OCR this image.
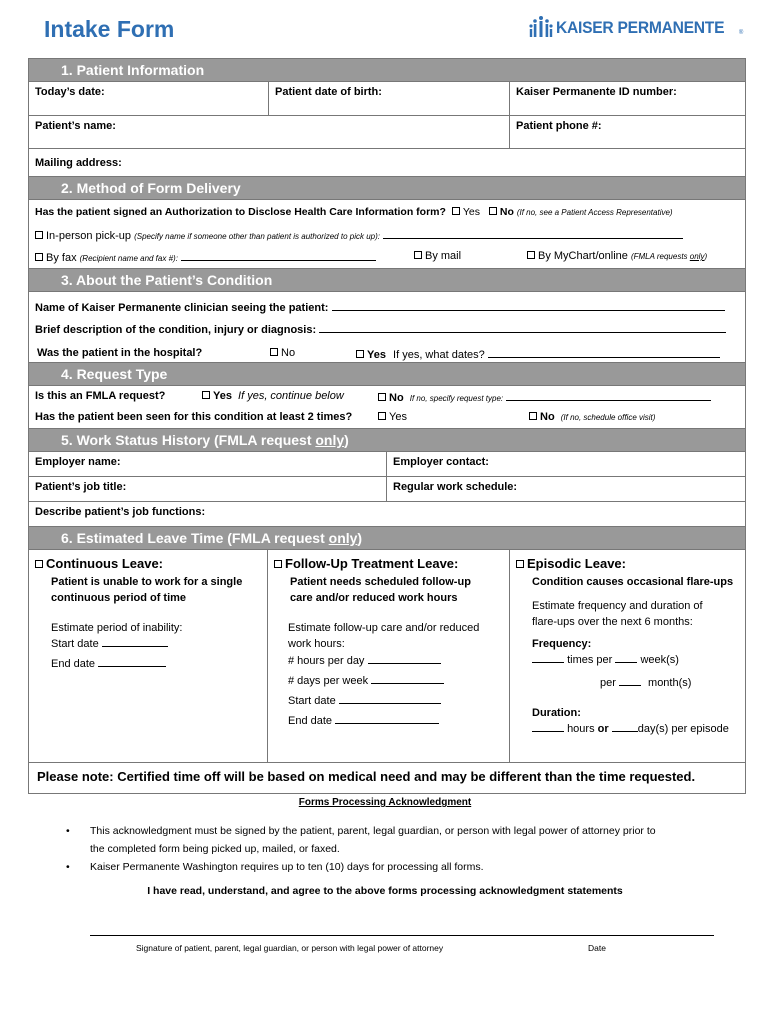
Intake Form	KAISER PERMANENTE ®
1. Patient Information
Today’s date:	Patient date of birth:	Kaiser Permanente ID number:
Patient’s name:	Patient phone #:
Mailing address:
2. Method of Form Delivery
Has the patient signed an Authorization to Disclose Health Care Information form? Yes No (If no, see a Patient Access Representative)
In-person pick-up (Specify name if someone other than patient is authorized to pick up):
By fax (Recipient name and fax #):	By mail	By MyChart/online (FMLA requests only)
3. About the Patient’s Condition
Name of Kaiser Permanente clinician seeing the patient:
Brief description of the condition, injury or diagnosis:
Was the patient in the hospital?	No	Yes If yes, what dates?
4. Request Type
Is this an FMLA request?	Yes If yes, continue below	No If no, specify request type:
Has the patient been seen for this condition at least 2 times?	Yes	No (If no, schedule office visit)
5. Work Status History (FMLA request only)
Employer name:	Employer contact:
Patient’s job title:	Regular work schedule:
Describe patient’s job functions:
6. Estimated Leave Time (FMLA request only)
Continuous Leave:
Patient is unable to work for a single
continuous period of time
Estimate period of inability:
Start date
End date
Follow-Up Treatment Leave:
Patient needs scheduled follow-up
care and/or reduced work hours
Estimate follow-up care and/or reduced
work hours:
# hours per day
# days per week
Start date
End date
Episodic Leave:
Condition causes occasional flare-ups
Estimate frequency and duration of
flare-ups over the next 6 months:
Frequency:
times per	week(s)
per	month(s)
Duration:
hours or	day(s) per episode
Please note: Certified time off will be based on medical need and may be different than the time requested.
Forms Processing Acknowledgment
• This acknowledgment must be signed by the patient, parent, legal guardian, or person with legal power of attorney prior to
the completed form being picked up, mailed, or faxed.
• Kaiser Permanente Washington requires up to ten (10) days for processing all forms.
I have read, understand, and agree to the above forms processing acknowledgment statements
Signature of patient, parent, legal guardian, or person with legal power of attorney	Date
